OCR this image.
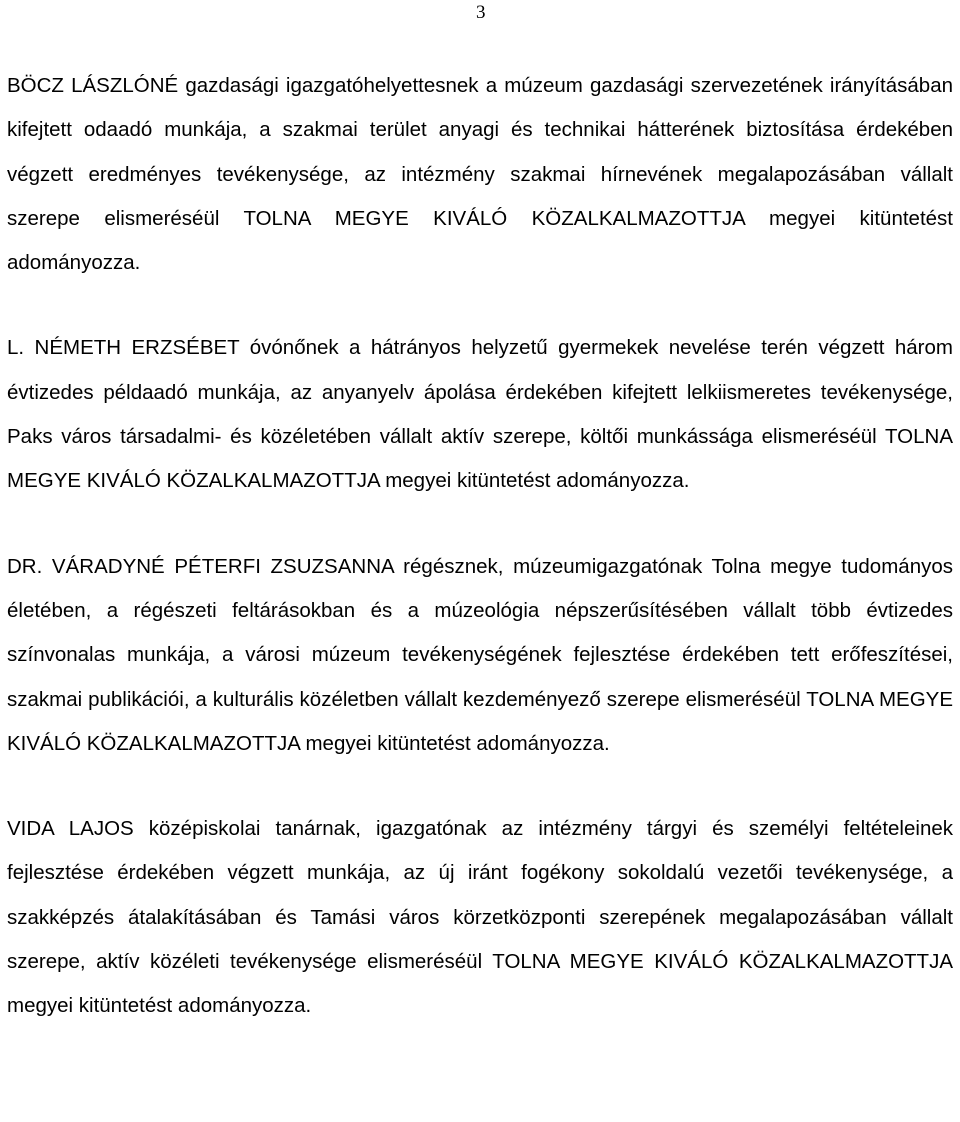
3

BÖCZ LÁSZLÓNÉ gazdasági igazgatóhelyettesnek a múzeum gazdasági szervezetének irányításában kifejtett odaadó munkája, a szakmai terület anyagi és technikai hátterének biztosítása érdekében végzett eredményes tevékenysége, az intézmény szakmai hírnevének megalapozásában vállalt szerepe elismeréséül TOLNA MEGYE KIVÁLÓ KÖZALKALMAZOTTJA megyei kitüntetést adományozza.

L. NÉMETH ERZSÉBET óvónőnek a hátrányos helyzetű gyermekek nevelése terén végzett három évtizedes példaadó munkája, az anyanyelv ápolása érdekében kifejtett lelkiismeretes tevékenysége, Paks város társadalmi- és közéletében vállalt aktív szerepe, költői munkássága elismeréséül TOLNA MEGYE KIVÁLÓ KÖZALKALMAZOTTJA megyei kitüntetést adományozza.

DR. VÁRADYNÉ PÉTERFI ZSUZSANNA régésznek, múzeumigazgatónak Tolna megye tudományos életében, a régészeti feltárásokban és a múzeológia népszerűsítésében vállalt több évtizedes színvonalas munkája, a városi múzeum tevékenységének fejlesztése érdekében tett erőfeszítései, szakmai publikációi, a kulturális közéletben vállalt kezdeményező szerepe elismeréséül TOLNA MEGYE KIVÁLÓ KÖZALKALMAZOTTJA megyei kitüntetést adományozza.

VIDA LAJOS középiskolai tanárnak, igazgatónak az intézmény tárgyi és személyi feltételeinek fejlesztése érdekében végzett munkája, az új iránt fogékony sokoldalú vezetői tevékenysége, a szakképzés átalakításában és Tamási város körzetközponti szerepének megalapozásában vállalt szerepe, aktív közéleti tevékenysége elismeréséül TOLNA MEGYE KIVÁLÓ KÖZALKALMAZOTTJA megyei kitüntetést adományozza.
